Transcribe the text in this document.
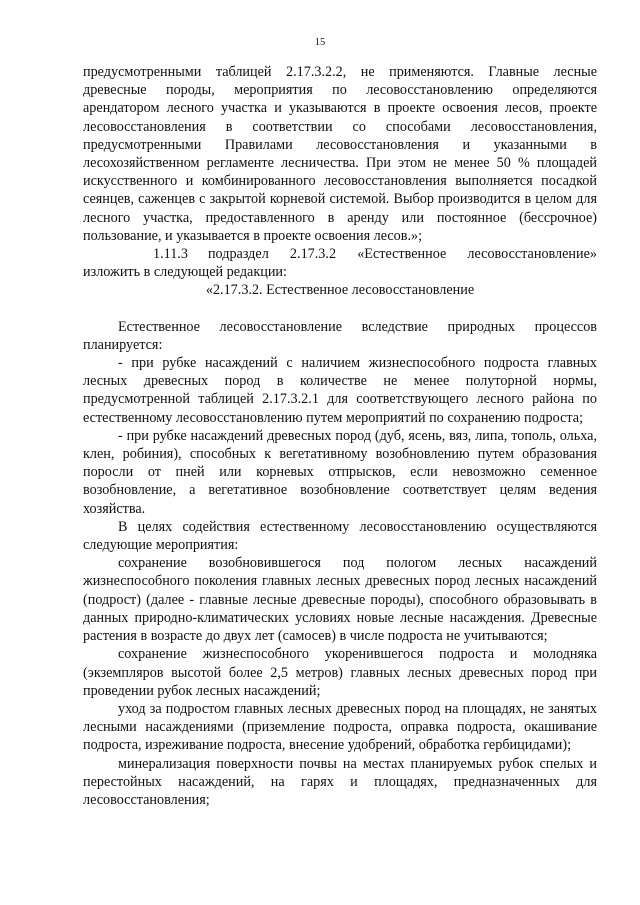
15

предусмотренными таблицей 2.17.3.2.2, не применяются. Главные лесные древесные породы, мероприятия по лесовосстановлению определяются арендатором лесного участка и указываются в проекте освоения лесов, проекте лесовосстановления в соответствии со способами лесовосстановления, предусмотренными Правилами лесовосстановления и указанными в лесохозяйственном регламенте лесничества. При этом не менее 50 % площадей искусственного и комбинированного лесовосстановления выполняется посадкой сеянцев, саженцев с закрытой корневой системой. Выбор производится в целом для лесного участка, предоставленного в аренду или постоянное (бессрочное) пользование, и указывается в проекте освоения лесов.»;

1.11.3 подраздел 2.17.3.2 «Естественное лесовосстановление» изложить в следующей редакции:

«2.17.3.2. Естественное лесовосстановление

Естественное лесовосстановление вследствие природных процессов планируется:

- при рубке насаждений с наличием жизнеспособного подроста главных лесных древесных пород в количестве не менее полуторной нормы, предусмотренной таблицей 2.17.3.2.1 для соответствующего лесного района по естественному лесовосстановлению путем мероприятий по сохранению подроста;

- при рубке насаждений древесных пород (дуб, ясень, вяз, липа, тополь, ольха, клен, робиния), способных к вегетативному возобновлению путем образования поросли от пней или корневых отпрысков, если невозможно семенное возобновление, а вегетативное возобновление соответствует целям ведения хозяйства.

В целях содействия естественному лесовосстановлению осуществляются следующие мероприятия:

сохранение возобновившегося под пологом лесных насаждений жизнеспособного поколения главных лесных древесных пород лесных насаждений (подрост) (далее - главные лесные древесные породы), способного образовывать в данных природно-климатических условиях новые лесные насаждения. Древесные растения в возрасте до двух лет (самосев) в числе подроста не учитываются;

сохранение жизнеспособного укоренившегося подроста и молодняка (экземпляров высотой более 2,5 метров) главных лесных древесных пород при проведении рубок лесных насаждений;

уход за подростом главных лесных древесных пород на площадях, не занятых лесными насаждениями (приземление подроста, оправка подроста, окашивание подроста, изреживание подроста, внесение удобрений, обработка гербицидами);

минерализация поверхности почвы на местах планируемых рубок спелых и перестойных насаждений, на гарях и площадях, предназначенных для лесовосстановления;
